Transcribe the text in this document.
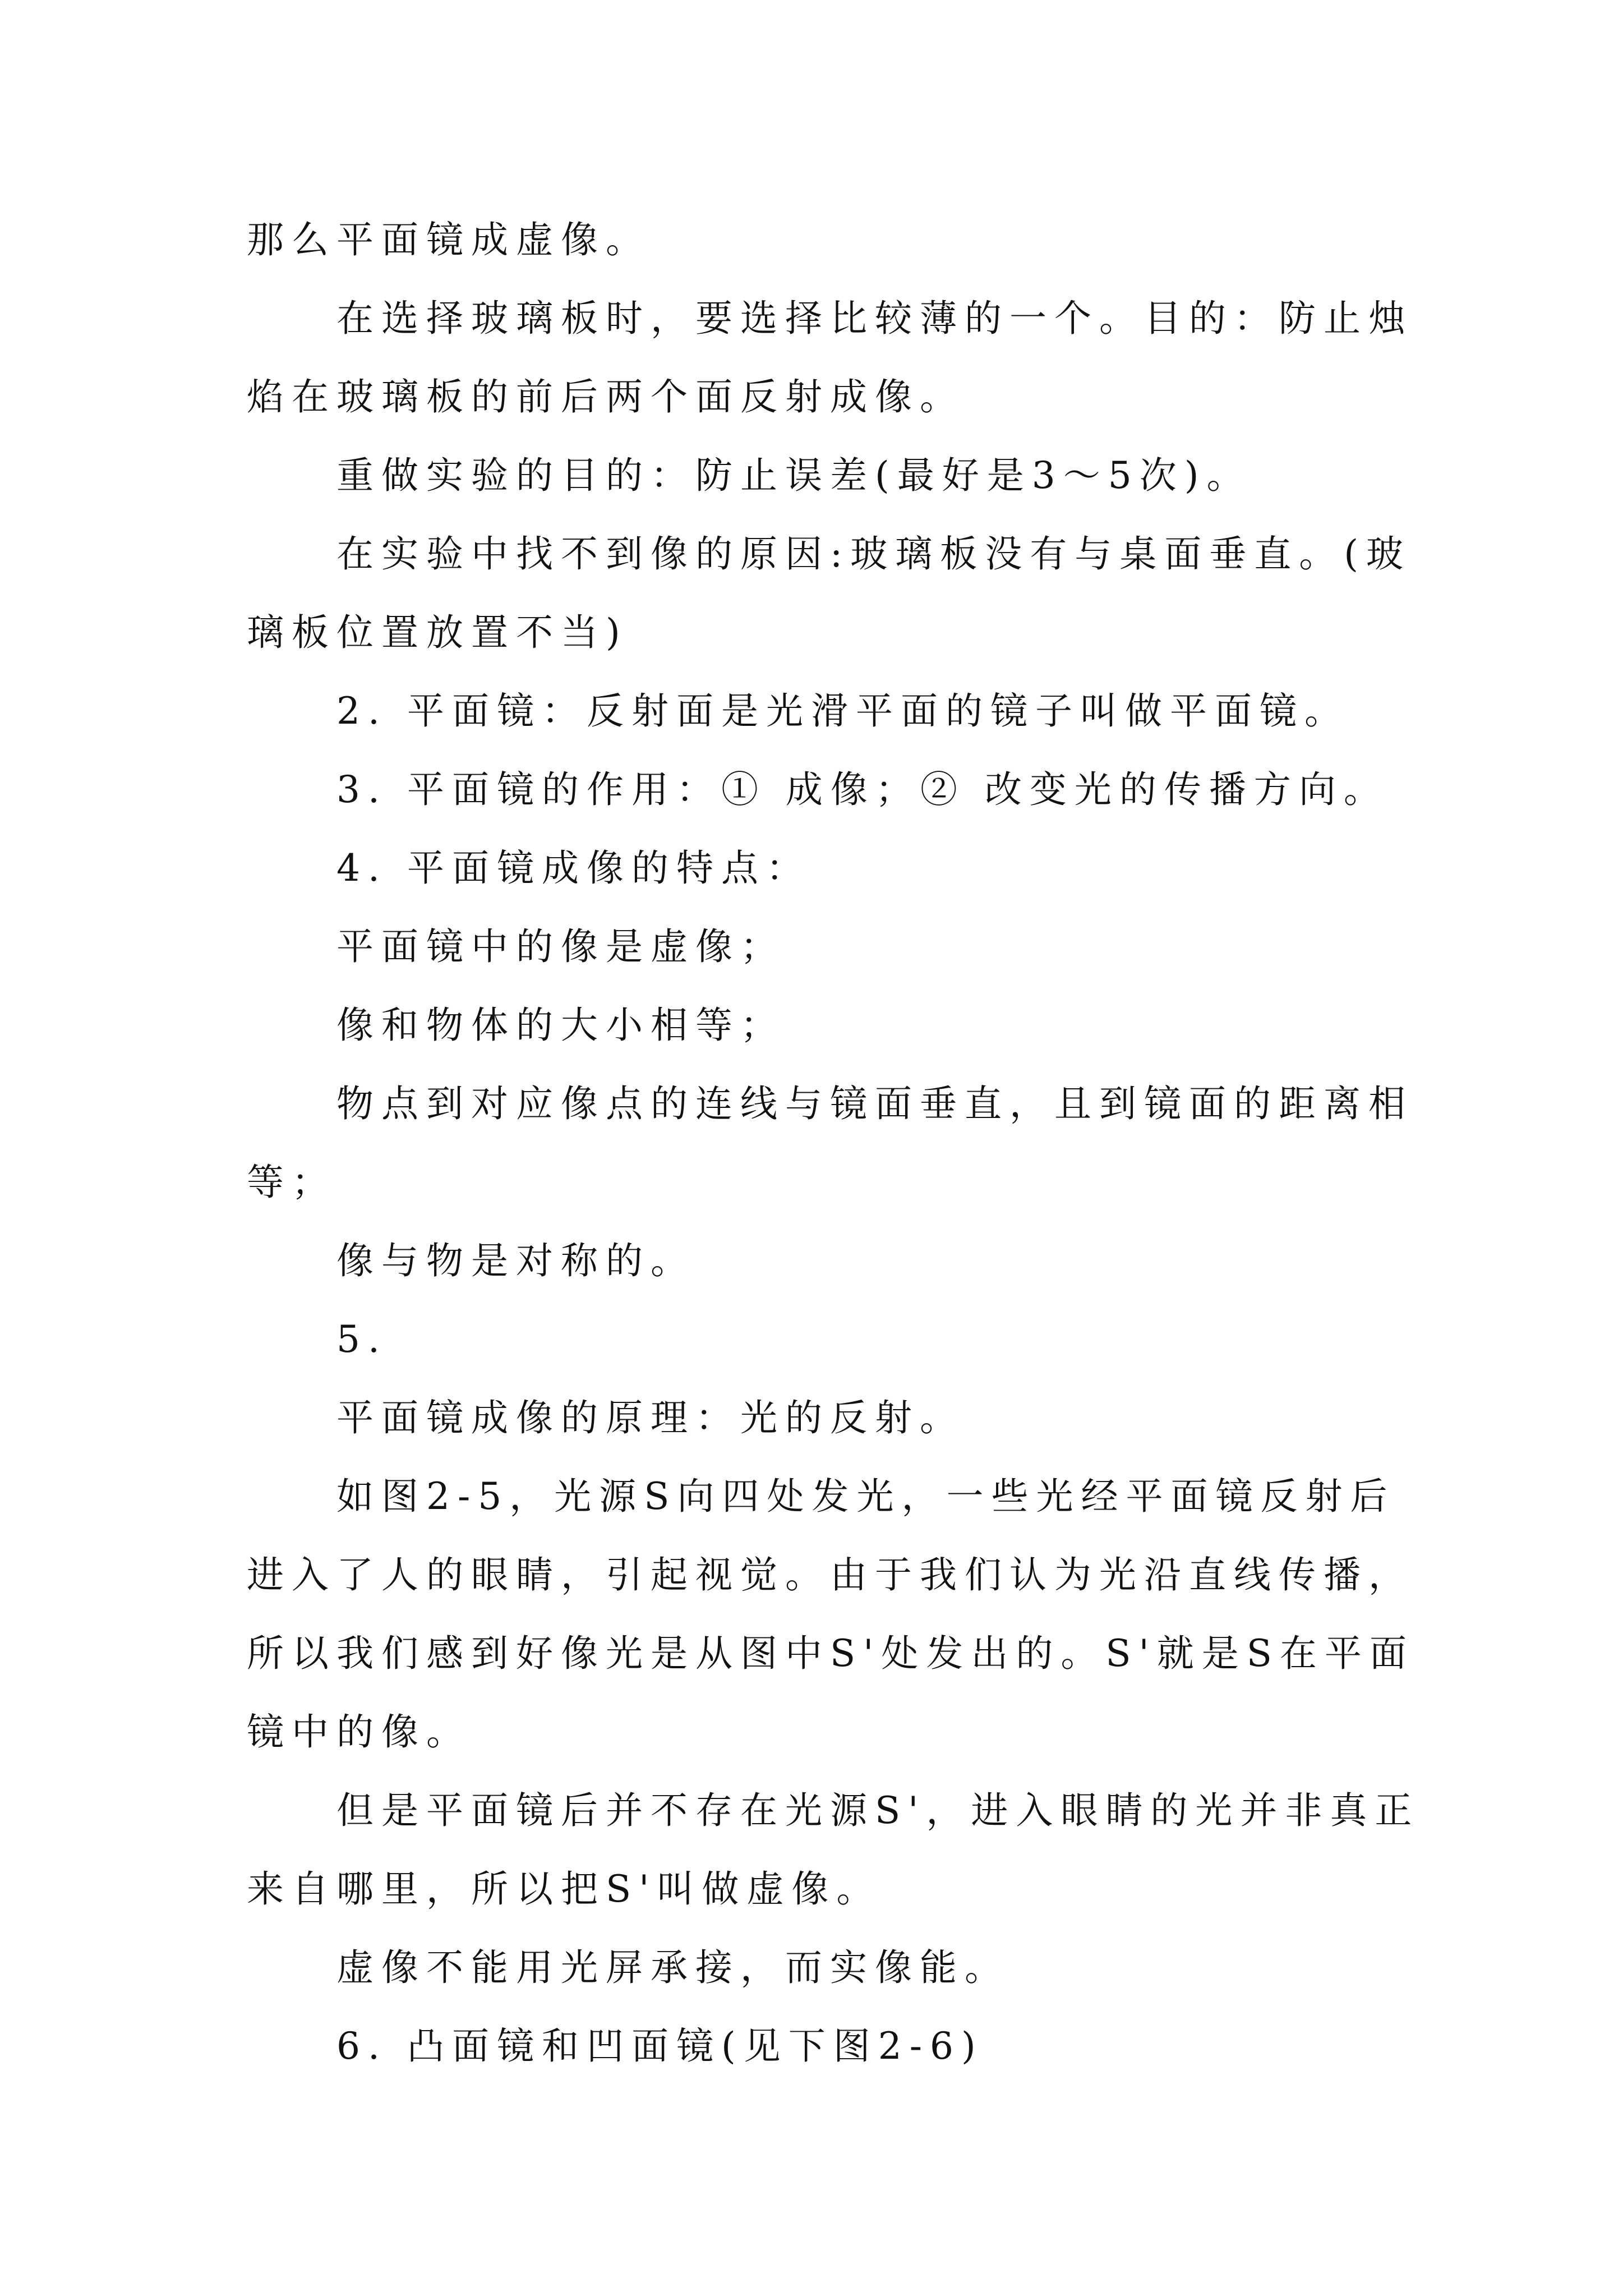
那么平面镜成虚像。

在选择玻璃板时，要选择比较薄的一个。目的：防止烛

焰在玻璃板的前后两个面反射成像。

重做实验的目的：防止误差(最好是3～5次)。

在实验中找不到像的原因:玻璃板没有与桌面垂直。(玻

璃板位置放置不当)

2. 平面镜：反射面是光滑平面的镜子叫做平面镜。

3. 平面镜的作用：① 成像；② 改变光的传播方向。

4. 平面镜成像的特点：

平面镜中的像是虚像；

像和物体的大小相等；

物点到对应像点的连线与镜面垂直，且到镜面的距离相

等；

像与物是对称的。

5.

平面镜成像的原理：光的反射。

如图2-5，光源S向四处发光，一些光经平面镜反射后

进入了人的眼睛，引起视觉。由于我们认为光沿直线传播，

所以我们感到好像光是从图中S'处发出的。S'就是S在平面

镜中的像。

但是平面镜后并不存在光源S'，进入眼睛的光并非真正

来自哪里，所以把S'叫做虚像。

虚像不能用光屏承接，而实像能。

6. 凸面镜和凹面镜(见下图2-6)
